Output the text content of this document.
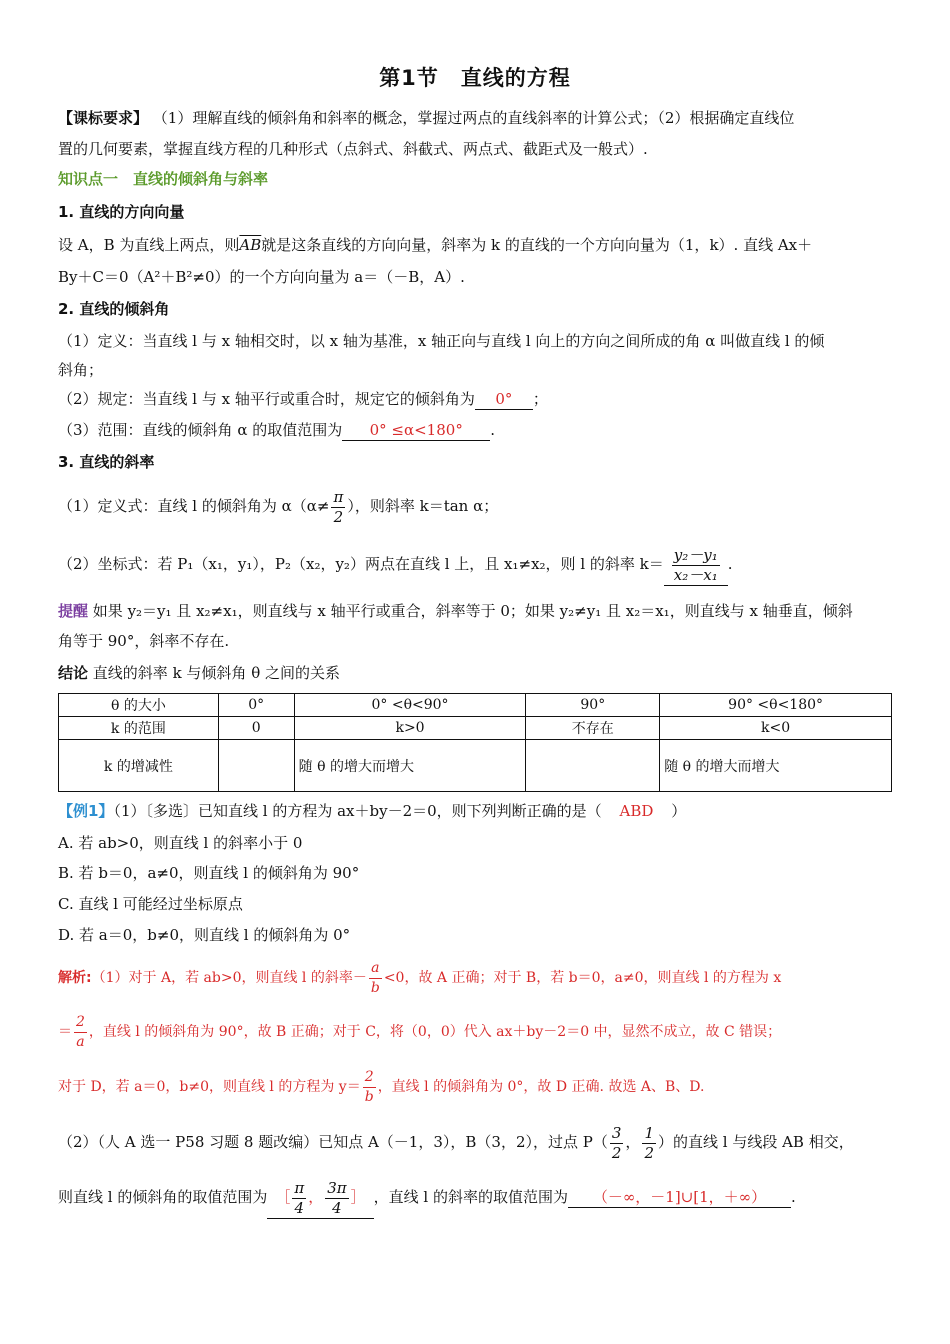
第1节　直线的方程
【课标要求】 （1）理解直线的倾斜角和斜率的概念，掌握过两点的直线斜率的计算公式；（2）根据确定直线位
置的几何要素，掌握直线方程的几种形式（点斜式、斜截式、两点式、截距式及一般式）.
知识点一　直线的倾斜角与斜率
1. 直线的方向向量
设 A，B 为直线上两点，则$\overline{AB}$就是这条直线的方向向量，斜率为 k 的直线的一个方向向量为（1，k）. 直线 Ax＋
By＋C＝0（A²＋B²≠0）的一个方向向量为 a＝（－B，A）.
2. 直线的倾斜角
（1）定义：当直线 l 与 x 轴相交时，以 x 轴为基准，x 轴正向与直线 l 向上的方向之间所成的角 α 叫做直线 l 的倾
斜角；
（2）规定：当直线 l 与 x 轴平行或重合时，规定它的倾斜角为 0° ；
（3）范围：直线的倾斜角 α 的取值范围为 0° ≤α<180° .
3. 直线的斜率
（1）定义式：直线 l 的倾斜角为 $\alpha(\alpha\ne \frac{\pi}{2}$ ），则斜率 k＝tan α；
（2）坐标式：若 P₁（x₁，y₁），P₂（x₂，y₂）两点在直线 l 上，且 x₁≠x₂，则 l 的斜率 $k= \frac{\text{y₂－y₁}}{\text{x₂－x₁}}$ .
提醒 如果 y₂＝y₁ 且 x₂≠x₁，则直线与 x 轴平行或重合，斜率等于 0；如果 y₂≠y₁ 且 x₂＝x₁，则直线与 x 轴垂直，倾斜
角等于 90°，斜率不存在.
结论 直线的斜率 k 与倾斜角 θ 之间的关系
θ 的大小	0°	0° <θ<90°	90°	90° <θ<180°
k 的范围	0	k>0	不存在	k<0
k 的增减性		随 θ 的增大而增大		随 θ 的增大而增大
【例1】（1）〔多选〕已知直线 l 的方程为 ax＋by－2＝0，则下列判断正确的是（ ABD ）
A. 若 ab>0，则直线 l 的斜率小于 0
B. 若 b＝0，a≠0，则直线 l 的倾斜角为 90°
C. 直线 l 可能经过坐标原点
D. 若 a＝0，b≠0，则直线 l 的倾斜角为 0°
解析:（1）对于 A，若 ab>0，则直线 l 的斜率－ $\frac{a}{b} <0$，故 A 正确；对于 B，若 b＝0，a≠0，则直线 l 的方程为 x
＝ $\frac{2}{a}$ ，直线 l 的倾斜角为 90°，故 B 正确；对于 C，将（0，0）代入 ax＋by－2＝0 中，显然不成立，故 C 错误；
对于 D，若 a＝0，b≠0，则直线 l 的方程为 $y= \frac{2}{b}$ ，直线 l 的倾斜角为 0°，故 D 正确. 故选 A、B、D.
（2）（人 A 选一 P58 习题 8 题改编）已知点 A（－1，3），B（3，2），过点 $P( \frac{3}{2}$ ， $\frac{1}{2}$ ）的直线 l 与线段 AB 相交，
则直线 l 的倾斜角的取值范围为 ［ $\frac{\pi}{4}$ ， $\frac{3\pi}{4}$ ］ ，直线 l 的斜率的取值范围为 （－∞，－1]∪[1，＋∞） .
